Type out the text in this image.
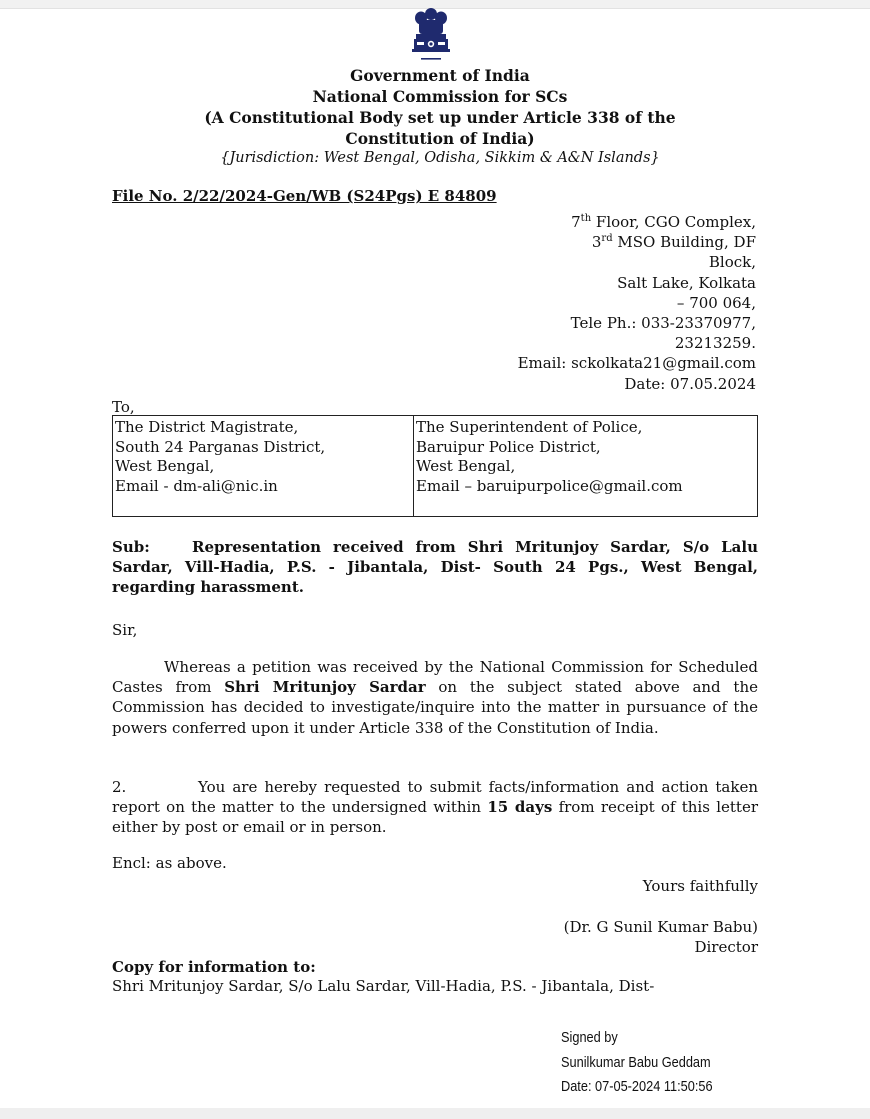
Government of India
National Commission for SCs
(A Constitutional Body set up under Article 338 of the
Constitution of India)
{Jurisdiction: West Bengal, Odisha, Sikkim & A&N Islands}
File No. 2/22/2024-Gen/WB (S24Pgs) E 84809
7th Floor, CGO Complex,
3rd MSO Building, DF
Block,
Salt Lake, Kolkata
– 700 064,
Tele Ph.: 033-23370977,
23213259.
Email: sckolkata21@gmail.com
Date: 07.05.2024
To,
The District Magistrate,
South 24 Parganas District,
West Bengal,
Email - dm-ali@nic.in

The Superintendent of Police,
Baruipur Police District,
West Bengal,
Email – baruipurpolice@gmail.com
Sub:	Representation received from Shri Mritunjoy Sardar, S/o Lalu Sardar, Vill-Hadia, P.S. - Jibantala, Dist- South 24 Pgs., West Bengal, regarding harassment.
Sir,
Whereas a petition was received by the National Commission for Scheduled Castes from Shri Mritunjoy Sardar on the subject stated above and the Commission has decided to investigate/inquire into the matter in pursuance of the powers conferred upon it under Article 338 of the Constitution of India.
2.	You are hereby requested to submit facts/information and action taken report on the matter to the undersigned within 15 days from receipt of this letter either by post or email or in person.
Encl: as above.
Yours faithfully
(Dr. G Sunil Kumar Babu)
Director
Copy for information to:
Shri Mritunjoy Sardar, S/o Lalu Sardar, Vill-Hadia, P.S. - Jibantala, Dist-
Signed by
Sunilkumar Babu Geddam
Date: 07-05-2024 11:50:56
